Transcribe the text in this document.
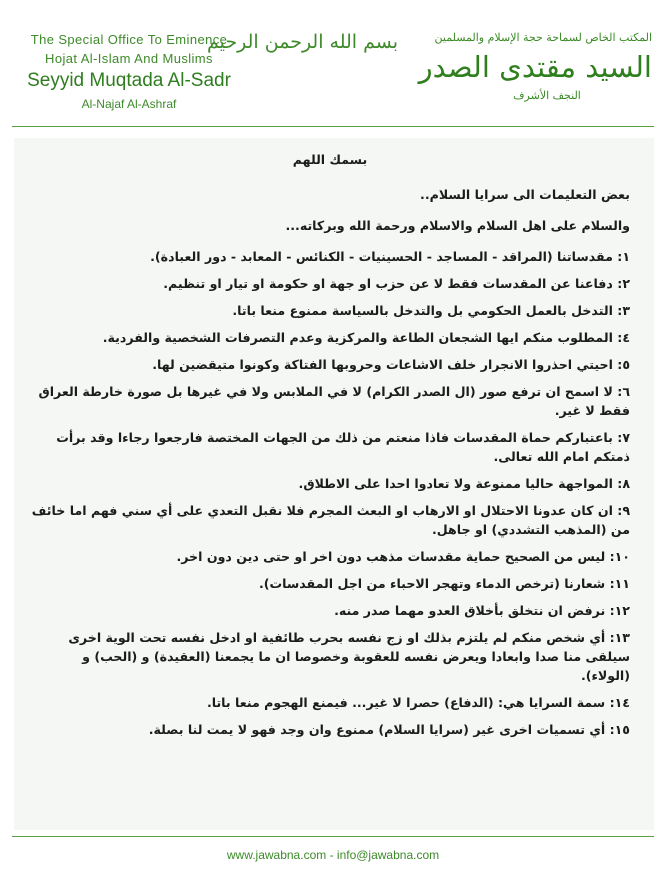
The Special Office To Eminence
Hojat Al-Islam And Muslims
Seyyid Muqtada Al-Sadr
Al-Najaf Al-Ashraf
بسم الله الرحمن الرحيم	المكتب الخاص لسماحة حجة الإسلام والمسلمين
السيد مقتدى الصدر
النجف الأشرف
بسمك اللهم
بعض التعليمات الى سرايا السلام..
والسلام على اهل السلام والاسلام ورحمة الله وبركاته...
١: مقدساتنا (المراقد - المساجد - الحسينيات - الكنائس - المعابد - دور العبادة).
٢: دفاعنا عن المقدسات فقط لا عن حزب او جهة او حكومة او تيار او تنظيم.
٣: التدخل بالعمل الحكومي بل والتدخل بالسياسة ممنوع منعا باتا.
٤: المطلوب منكم ايها الشجعان الطاعة والمركزية وعدم التصرفات الشخصية والفردية.
٥: احيتي احذروا الانجرار خلف الاشاعات وحروبها الفتاكة وكونوا متيقضين لها.
٦: لا اسمح ان ترفع صور (ال الصدر الكرام) لا في الملابس ولا في غيرها بل صورة خارطة العراق فقط لا غير.
٧: باعتباركم حماة المقدسات فاذا منعتم من ذلك من الجهات المختصة فارجعوا رجاءا وقد برأت ذمتكم امام الله تعالى.
٨: المواجهة حاليا ممنوعة ولا تعادوا احدا على الاطلاق.
٩: ان كان عدونا الاحتلال او الارهاب او البعث المجرم فلا نقبل التعدي على أي سني فهم اما خائف من (المذهب التشددي) او جاهل.
١٠: ليس من الصحيح حماية مقدسات مذهب دون اخر او حتى دين دون اخر.
١١: شعارنا (ترخص الدماء وتهجر الاحباء من اجل المقدسات).
١٢: نرفض ان نتخلق بأخلاق العدو مهما صدر منه.
١٣: أي شخص منكم لم يلتزم بذلك او زج نفسه بحرب طائفية او ادخل نفسه تحت الوية اخرى سيلقى منا صدا وابعادا ويعرض نفسه للعقوبة وخصوصا ان ما يجمعنا (العقيدة) و (الحب) و (الولاء).
١٤: سمة السرايا هي: (الدفاع) حصرا لا غير... فيمنع الهجوم منعا باتا.
١٥: أي تسميات اخرى غير (سرايا السلام) ممنوع وان وجد فهو لا يمت لنا بصلة.
www.jawabna.com - info@jawabna.com
